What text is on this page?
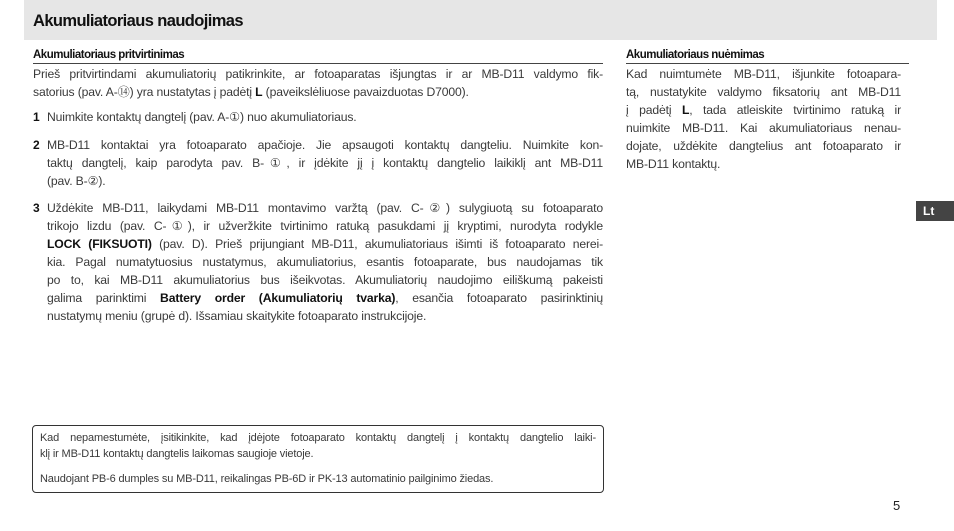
Akumuliatoriaus naudojimas
Akumuliatoriaus pritvirtinimas
Prieš pritvirtindami akumuliatorių patikrinkite, ar fotoaparatas išjungtas ir ar MB-D11 valdymo fik-
satorius (pav. A-⑭) yra nustatytas į padėtį L (paveikslėliuose pavaizduotas D7000).
1 Nuimkite kontaktų dangtelį (pav. A-①) nuo akumuliatoriaus.
2 MB-D11 kontaktai yra fotoaparato apačioje. Jie apsaugoti kontaktų dangteliu. Nuimkite kon-
taktų dangtelį, kaip parodyta pav. B-①, ir įdėkite jį į kontaktų dangtelio laikiklį ant MB-D11
(pav. B-②).
3 Uždėkite MB-D11, laikydami MB-D11 montavimo varžtą (pav. C-②) sulygiuotą su fotoaparato
trikojo lizdu (pav. C-①), ir užveržkite tvirtinimo ratuką pasukdami jį kryptimi, nurodyta rodykle
LOCK (FIKSUOTI) (pav. D). Prieš prijungiant MB-D11, akumuliatoriaus išimti iš fotoaparato nerei-
kia. Pagal numatytuosius nustatymus, akumuliatorius, esantis fotoaparate, bus naudojamas tik
po to, kai MB-D11 akumuliatorius bus išeikvotas. Akumuliatorių naudojimo eiliškumą pakeisti
galima parinktimi Battery order (Akumuliatorių tvarka), esančia fotoaparato pasirinktinių
nustatymų meniu (grupė d). Išsamiau skaitykite fotoaparato instrukcijoje.
Akumuliatoriaus nuėmimas
Kad nuimtumėte MB-D11, išjunkite fotoapara-
tą, nustatykite valdymo fiksatorių ant MB-D11
į padėtį L, tada atleiskite tvirtinimo ratuką ir
nuimkite MB-D11. Kai akumuliatoriaus nenau-
dojate, uždėkite dangtelius ant fotoaparato ir
MB-D11 kontaktų.
Kad nepamestumėte, įsitikinkite, kad įdėjote fotoaparato kontaktų dangtelį į kontaktų dangtelio laiki-
klį ir MB-D11 kontaktų dangtelis laikomas saugioje vietoje.
Naudojant PB-6 dumples su MB-D11, reikalingas PB-6D ir PK-13 automatinio pailginimo žiedas.
Lt
5
